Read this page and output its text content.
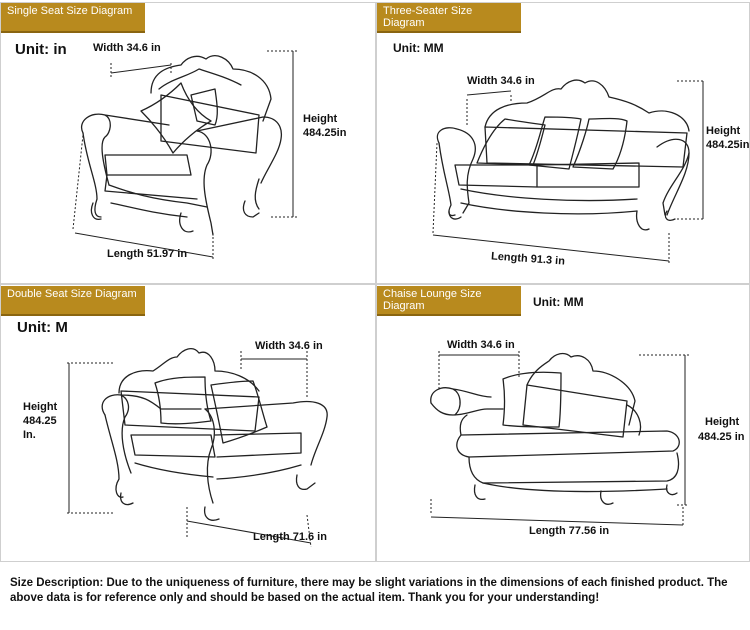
Single Seat Size Diagram
Unit: in Width 34.6 in
Height
484.25in
Length 51.97 in
Three-Seater Size Diagram
Unit: MM
Width 34.6 in
Height
484.25in
Length 91.3 in
Double Seat Size Diagram
Unit: M
Width 34.6 in
Height
484.25
In.
Length 71.6 in
Chaise Lounge Size Diagram	Unit: MM
Width 34.6 in
Height
484.25 in
Length 77.56 in
Size Description: Due to the uniqueness of furniture, there may be slight variations in the dimensions of each finished product. The above data is for reference only and should be based on the actual item. Thank you for your understanding!
